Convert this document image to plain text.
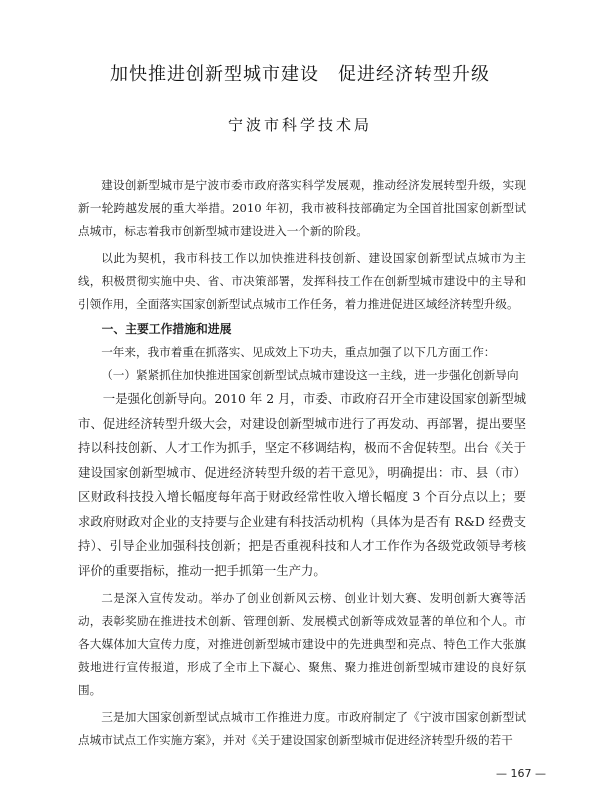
加快推进创新型城市建设　促进经济转型升级
宁波市科学技术局

建设创新型城市是宁波市委市政府落实科学发展观，推动经济发展转型升级，实现新一轮跨越发展的重大举措。2010 年初，我市被科技部确定为全国首批国家创新型试点城市，标志着我市创新型城市建设进入一个新的阶段。

以此为契机，我市科技工作以加快推进科技创新、建设国家创新型试点城市为主线，积极贯彻实施中央、省、市决策部署，发挥科技工作在创新型城市建设中的主导和引领作用，全面落实国家创新型试点城市工作任务，着力推进促进区域经济转型升级。

一、主要工作措施和进展

一年来，我市着重在抓落实、见成效上下功夫，重点加强了以下几方面工作：

（一）紧紧抓住加快推进国家创新型试点城市建设这一主线，进一步强化创新导向

一是强化创新导向。2010 年 2 月，市委、市政府召开全市建设国家创新型城市、促进经济转型升级大会，对建设创新型城市进行了再发动、再部署，提出要坚持以科技创新、人才工作为抓手，坚定不移调结构，极而不舍促转型。出台《关于建设国家创新型城市、促进经济转型升级的若干意见》，明确提出：市、县（市）区财政科技投入增长幅度每年高于财政经常性收入增长幅度 3 个百分点以上；要求政府财政对企业的支持要与企业建有科技活动机构（具体为是否有 R&D 经费支持）、引导企业加强科技创新；把是否重视科技和人才工作作为各级党政领导考核评价的重要指标，推动一把手抓第一生产力。

二是深入宣传发动。举办了创业创新风云榜、创业计划大赛、发明创新大赛等活动，表彰奖励在推进技术创新、管理创新、发展模式创新等成效显著的单位和个人。市各大媒体加大宣传力度，对推进创新型城市建设中的先进典型和亮点、特色工作大张旗鼓地进行宣传报道，形成了全市上下凝心、聚焦、聚力推进创新型城市建设的良好氛围。

三是加大国家创新型试点城市工作推进力度。市政府制定了《宁波市国家创新型试点城市试点工作实施方案》，并对《关于建设国家创新型城市促进经济转型升级的若干

— 167 —
